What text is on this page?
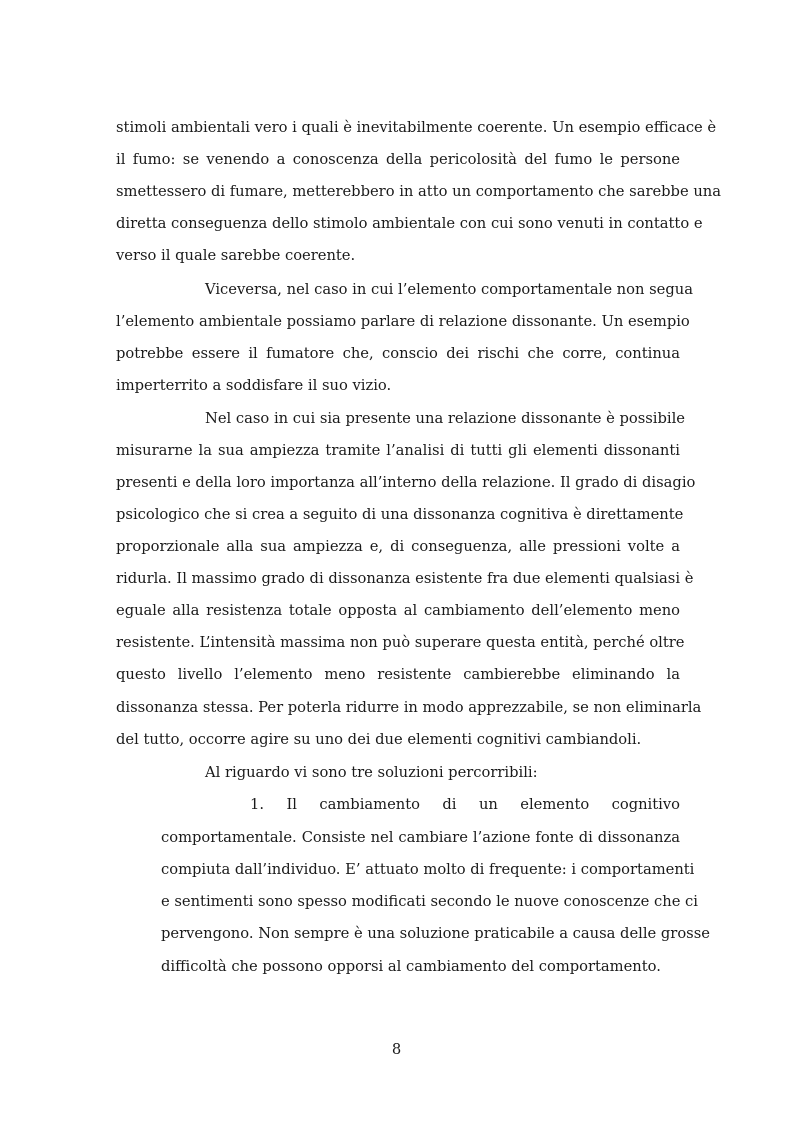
stimoli ambientali vero i quali è inevitabilmente coerente. Un esempio efficace è
il fumo: se venendo a conoscenza della pericolosità del fumo le persone
smettessero di fumare, metterebbero in atto un comportamento che sarebbe una
diretta conseguenza dello stimolo ambientale con cui sono venuti in contatto e
verso il quale sarebbe coerente.
Viceversa, nel caso in cui l’elemento comportamentale non segua
l’elemento ambientale possiamo parlare di relazione dissonante. Un esempio
potrebbe essere il fumatore che, conscio dei rischi che corre, continua
imperterrito a soddisfare il suo vizio.
Nel caso in cui sia presente una relazione dissonante è possibile
misurarne la sua ampiezza tramite l’analisi di tutti gli elementi dissonanti
presenti e della loro importanza all’interno della relazione. Il grado di disagio
psicologico che si crea a seguito di una dissonanza cognitiva è direttamente
proporzionale alla sua ampiezza e, di conseguenza, alle pressioni volte a
ridurla. Il massimo grado di dissonanza esistente fra due elementi qualsiasi è
eguale alla resistenza totale opposta al cambiamento dell’elemento meno
resistente. L’intensità massima non può superare questa entità, perché oltre
questo livello l’elemento meno resistente cambierebbe eliminando la
dissonanza stessa. Per poterla ridurre in modo apprezzabile, se non eliminarla
del tutto, occorre agire su uno dei due elementi cognitivi cambiandoli.
Al riguardo vi sono tre soluzioni percorribili:
1. Il cambiamento di un elemento cognitivo
comportamentale. Consiste nel cambiare l’azione fonte di dissonanza
compiuta dall’individuo. E’ attuato molto di frequente: i comportamenti
e sentimenti sono spesso modificati secondo le nuove conoscenze che ci
pervengono. Non sempre è una soluzione praticabile a causa delle grosse
difficoltà che possono opporsi al cambiamento del comportamento.
8
